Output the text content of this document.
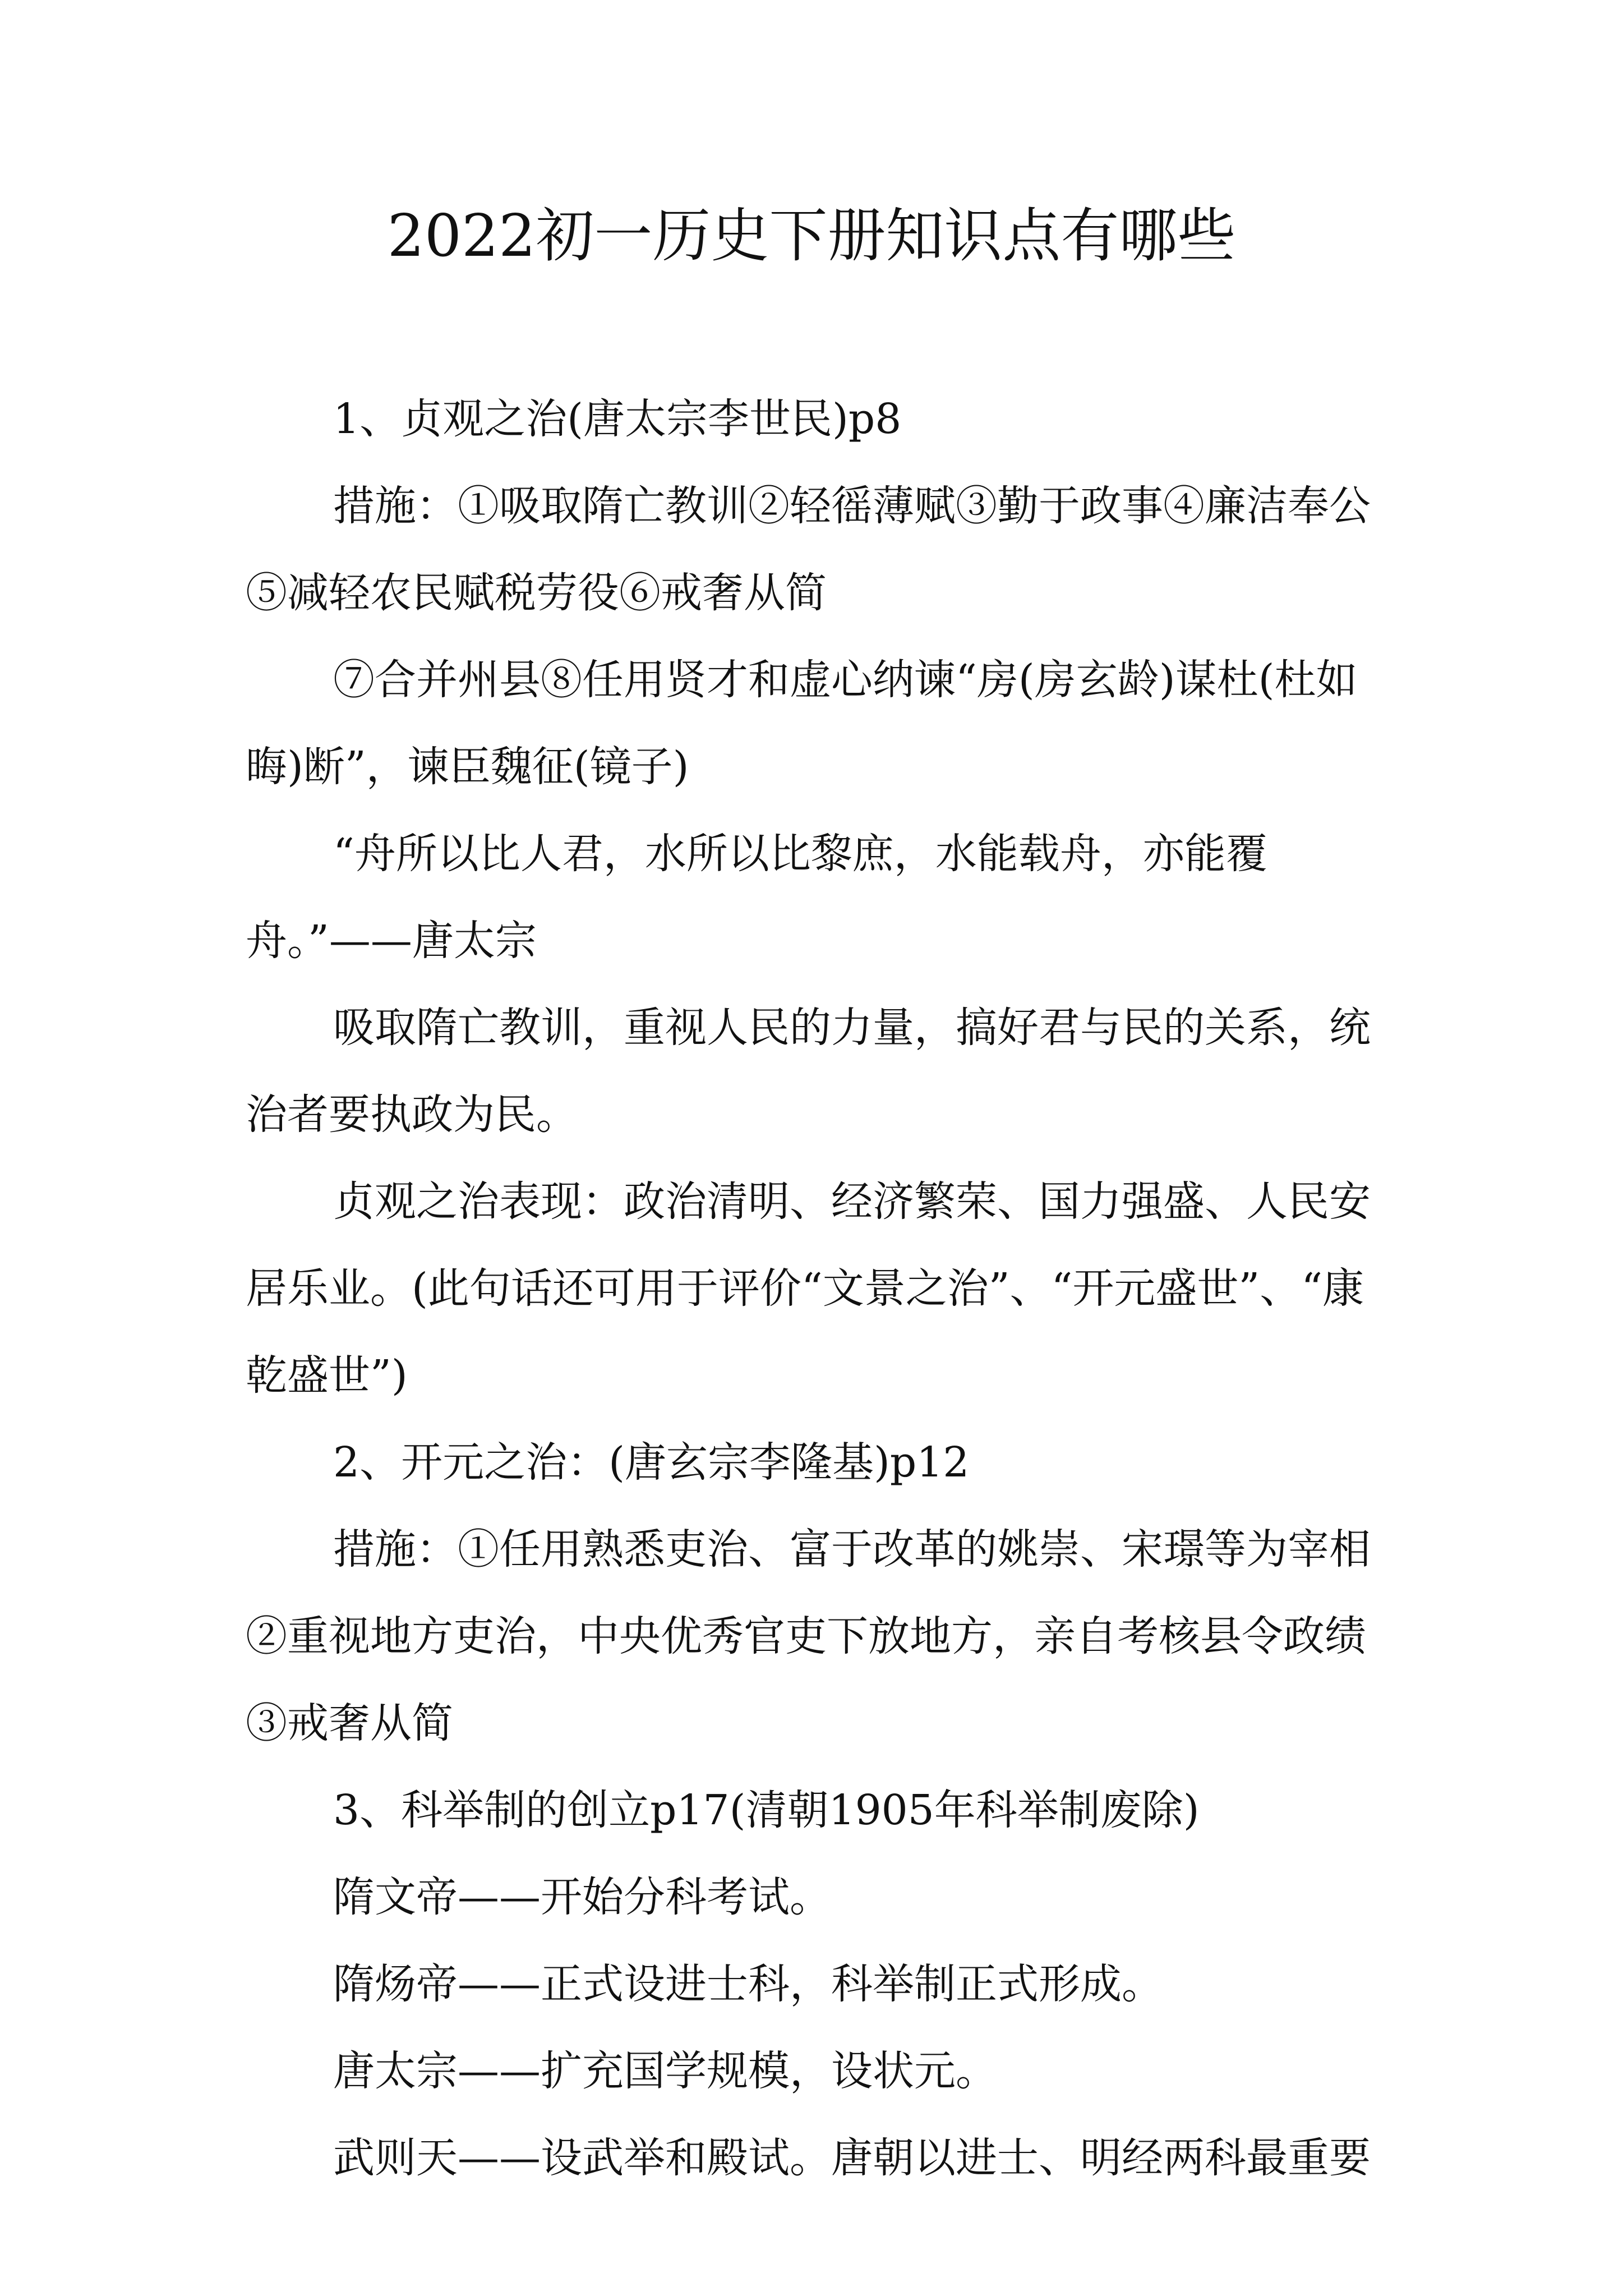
2022初一历史下册知识点有哪些

1、贞观之治(唐太宗李世民)p8

措施：①吸取隋亡教训②轻徭薄赋③勤于政事④廉洁奉公⑤减轻农民赋税劳役⑥戒奢从简

⑦合并州县⑧任用贤才和虚心纳谏“房(房玄龄)谋杜(杜如晦)断”，谏臣魏征(镜子)

“舟所以比人君，水所以比黎庶，水能载舟，亦能覆舟。”——唐太宗

吸取隋亡教训，重视人民的力量，搞好君与民的关系，统治者要执政为民。

贞观之治表现：政治清明、经济繁荣、国力强盛、人民安居乐业。(此句话还可用于评价“文景之治”、“开元盛世”、“康乾盛世”)

2、开元之治：(唐玄宗李隆基)p12

措施：①任用熟悉吏治、富于改革的姚崇、宋璟等为宰相②重视地方吏治，中央优秀官吏下放地方，亲自考核县令政绩③戒奢从简

3、科举制的创立p17(清朝1905年科举制废除)

隋文帝——开始分科考试。

隋炀帝——正式设进士科，科举制正式形成。

唐太宗——扩充国学规模，设状元。

武则天——设武举和殿试。唐朝以进士、明经两科最重要
